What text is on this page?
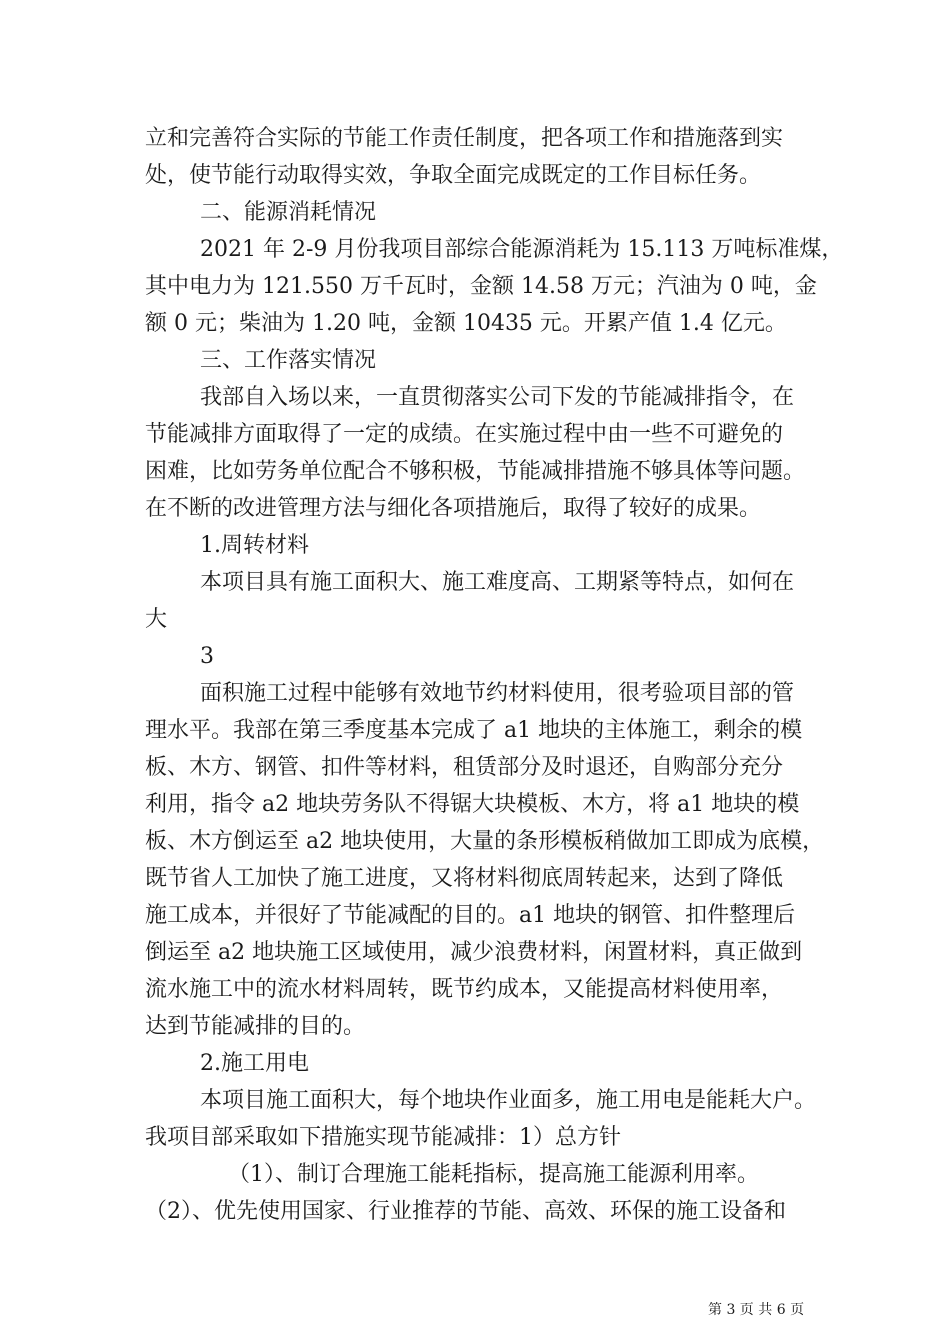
立和完善符合实际的节能工作责任制度，把各项工作和措施落到实
处，使节能行动取得实效，争取全面完成既定的工作目标任务。
二、能源消耗情况
2021 年 2-9 月份我项目部综合能源消耗为 15.113 万吨标准煤，
其中电力为 121.550 万千瓦时，金额 14.58 万元；汽油为 0 吨，金
额 0 元；柴油为 1.20 吨，金额 10435 元。开累产值 1.4 亿元。
三、工作落实情况
我部自入场以来，一直贯彻落实公司下发的节能减排指令，在
节能减排方面取得了一定的成绩。在实施过程中由一些不可避免的
困难，比如劳务单位配合不够积极，节能减排措施不够具体等问题。
在不断的改进管理方法与细化各项措施后，取得了较好的成果。
1.周转材料
本项目具有施工面积大、施工难度高、工期紧等特点，如何在
大
3
面积施工过程中能够有效地节约材料使用，很考验项目部的管
理水平。我部在第三季度基本完成了 a1 地块的主体施工，剩余的模
板、木方、钢管、扣件等材料，租赁部分及时退还，自购部分充分
利用，指令 a2 地块劳务队不得锯大块模板、木方，将 a1 地块的模
板、木方倒运至 a2 地块使用，大量的条形模板稍做加工即成为底模，
既节省人工加快了施工进度，又将材料彻底周转起来，达到了降低
施工成本，并很好了节能减配的目的。a1 地块的钢管、扣件整理后
倒运至 a2 地块施工区域使用，减少浪费材料，闲置材料，真正做到
流水施工中的流水材料周转，既节约成本，又能提高材料使用率，
达到节能减排的目的。
2.施工用电
本项目施工面积大，每个地块作业面多，施工用电是能耗大户。
我项目部采取如下措施实现节能减排：1）总方针
（1）、制订合理施工能耗指标，提高施工能源利用率。
（2）、优先使用国家、行业推荐的节能、高效、环保的施工设备和
第 3 页 共 6 页
